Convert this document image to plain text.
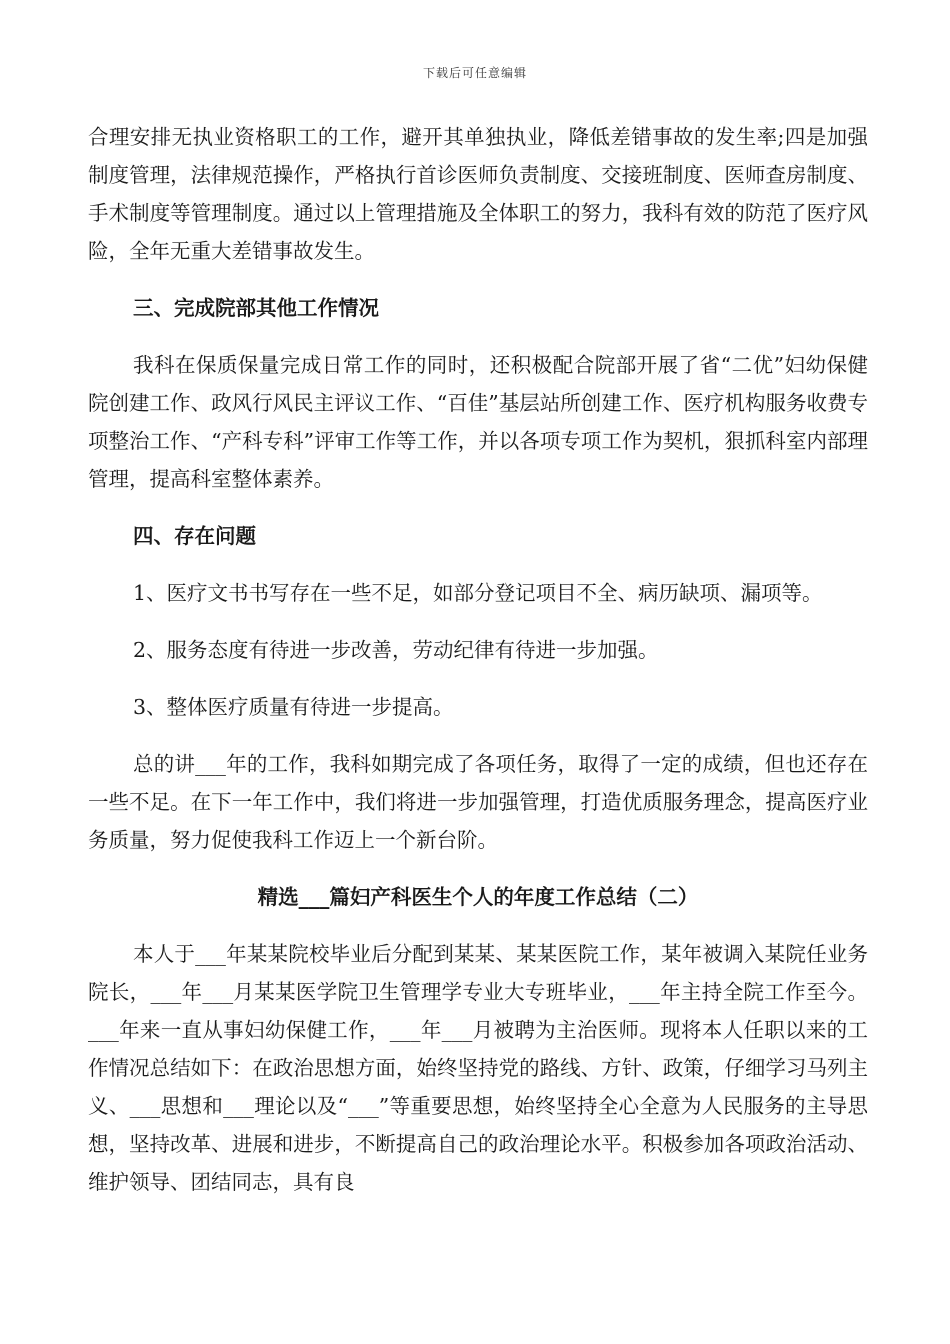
下载后可任意编辑

合理安排无执业资格职工的工作，避开其单独执业，降低差错事故的发生率;四是加强制度管理，法律规范操作，严格执行首诊医师负责制度、交接班制度、医师查房制度、手术制度等管理制度。通过以上管理措施及全体职工的努力，我科有效的防范了医疗风险，全年无重大差错事故发生。

三、完成院部其他工作情况

我科在保质保量完成日常工作的同时，还积极配合院部开展了省“二优”妇幼保健院创建工作、政风行风民主评议工作、“百佳”基层站所创建工作、医疗机构服务收费专项整治工作、“产科专科”评审工作等工作，并以各项专项工作为契机，狠抓科室内部理管理，提高科室整体素养。

四、存在问题

1、医疗文书书写存在一些不足，如部分登记项目不全、病历缺项、漏项等。

2、服务态度有待进一步改善，劳动纪律有待进一步加强。

3、整体医疗质量有待进一步提高。

总的讲___年的工作，我科如期完成了各项任务，取得了一定的成绩，但也还存在一些不足。在下一年工作中，我们将进一步加强管理，打造优质服务理念，提高医疗业务质量，努力促使我科工作迈上一个新台阶。

精选___篇妇产科医生个人的年度工作总结（二）

本人于___年某某院校毕业后分配到某某、某某医院工作，某年被调入某院任业务院长，___年___月某某医学院卫生管理学专业大专班毕业，___年主持全院工作至今。___年来一直从事妇幼保健工作，___年___月被聘为主治医师。现将本人任职以来的工作情况总结如下：在政治思想方面，始终坚持党的路线、方针、政策，仔细学习马列主义、___思想和___理论以及“___”等重要思想，始终坚持全心全意为人民服务的主导思想，坚持改革、进展和进步，不断提高自己的政治理论水平。积极参加各项政治活动、维护领导、团结同志，具有良
